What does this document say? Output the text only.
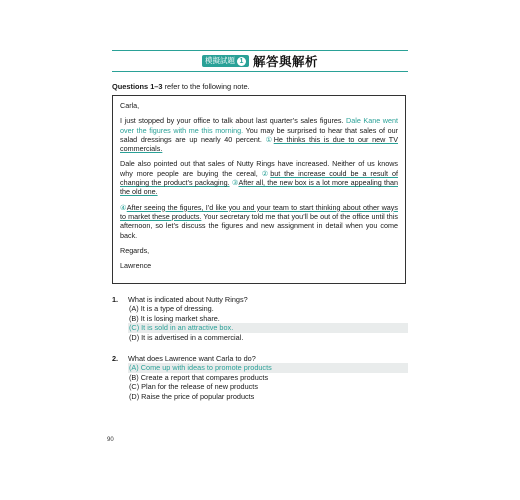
模擬試題 1 解答與解析
Questions 1–3 refer to the following note.

Carla,

I just stopped by your office to talk about last quarter’s sales figures. Dale Kane went over the figures with me this morning. You may be surprised to hear that sales of our salad dressings are up nearly 40 percent. ①He thinks this is due to our new TV commercials.

Dale also pointed out that sales of Nutty Rings have increased. Neither of us knows why more people are buying the cereal, ②but the increase could be a result of changing the product’s packaging. ③After all, the new box is a lot more appealing than the old one.

④After seeing the figures, I’d like you and your team to start thinking about other ways to market these products. Your secretary told me that you’ll be out of the office until this afternoon, so let’s discuss the figures and new assignment in detail when you come back.

Regards,

Lawrence

1. What is indicated about Nutty Rings?
(A) It is a type of dressing.
(B) It is losing market share.
(C) It is sold in an attractive box.
(D) It is advertised in a commercial.
2. What does Lawrence want Carla to do?
(A) Come up with ideas to promote products
(B) Create a report that compares products
(C) Plan for the release of new products
(D) Raise the price of popular products
90
